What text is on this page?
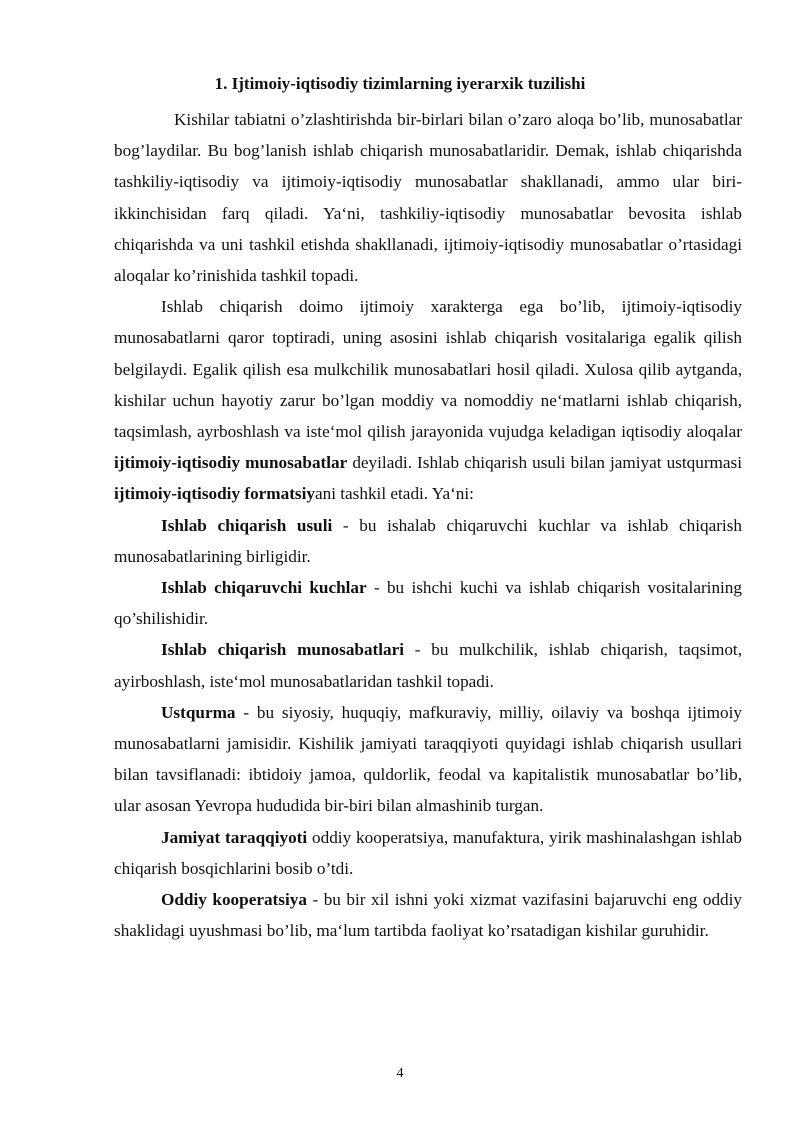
1. Ijtimoiy-iqtisodiy tizimlarning iyerarxik tuzilishi

Kishilar tabiatni o’zlashtirishda bir-birlari bilan o’zaro aloqa bo’lib, munosabatlar bog’laydilar. Bu bog’lanish ishlab chiqarish munosabatlaridir. Demak, ishlab chiqarishda tashkiliy-iqtisodiy va ijtimoiy-iqtisodiy munosabatlar shakllanadi, ammo ular biri-ikkinchisidan farq qiladi. Ya‘ni, tashkiliy-iqtisodiy munosabatlar bevosita ishlab chiqarishda va uni tashkil etishda shakllanadi, ijtimoiy-iqtisodiy munosabatlar o’rtasidagi aloqalar ko’rinishida tashkil topadi.

Ishlab chiqarish doimo ijtimoiy xarakterga ega bo’lib, ijtimoiy-iqtisodiy munosabatlarni qaror toptiradi, uning asosini ishlab chiqarish vositalariga egalik qilish belgilaydi. Egalik qilish esa mulkchilik munosabatlari hosil qiladi. Xulosa qilib aytganda, kishilar uchun hayotiy zarur bo’lgan moddiy va nomoddiy ne‘matlarni ishlab chiqarish, taqsimlash, ayrboshlash va iste‘mol qilish jarayonida vujudga keladigan iqtisodiy aloqalar ijtimoiy-iqtisodiy munosabatlar deyiladi. Ishlab chiqarish usuli bilan jamiyat ustqurmasi ijtimoiy-iqtisodiy formatsiyani tashkil etadi. Ya‘ni:

Ishlab chiqarish usuli - bu ishalab chiqaruvchi kuchlar va ishlab chiqarish munosabatlarining birligidir.

Ishlab chiqaruvchi kuchlar - bu ishchi kuchi va ishlab chiqarish vositalarining qo’shilishidir.

Ishlab chiqarish munosabatlari - bu mulkchilik, ishlab chiqarish, taqsimot, ayirboshlash, iste‘mol munosabatlaridan tashkil topadi.

Ustqurma - bu siyosiy, huquqiy, mafkuraviy, milliy, oilaviy va boshqa ijtimoiy munosabatlarni jamisidir. Kishilik jamiyati taraqqiyoti quyidagi ishlab chiqarish usullari bilan tavsiflanadi: ibtidoiy jamoa, quldorlik, feodal va kapitalistik munosabatlar bo’lib, ular asosan Yevropa hududida bir-biri bilan almashinib turgan.

Jamiyat taraqqiyoti oddiy kooperatsiya, manufaktura, yirik mashinalashgan ishlab chiqarish bosqichlarini bosib o’tdi.

Oddiy kooperatsiya - bu bir xil ishni yoki xizmat vazifasini bajaruvchi eng oddiy shaklidagi uyushmasi bo’lib, ma‘lum tartibda faoliyat ko’rsatadigan kishilar guruhidir.

4
